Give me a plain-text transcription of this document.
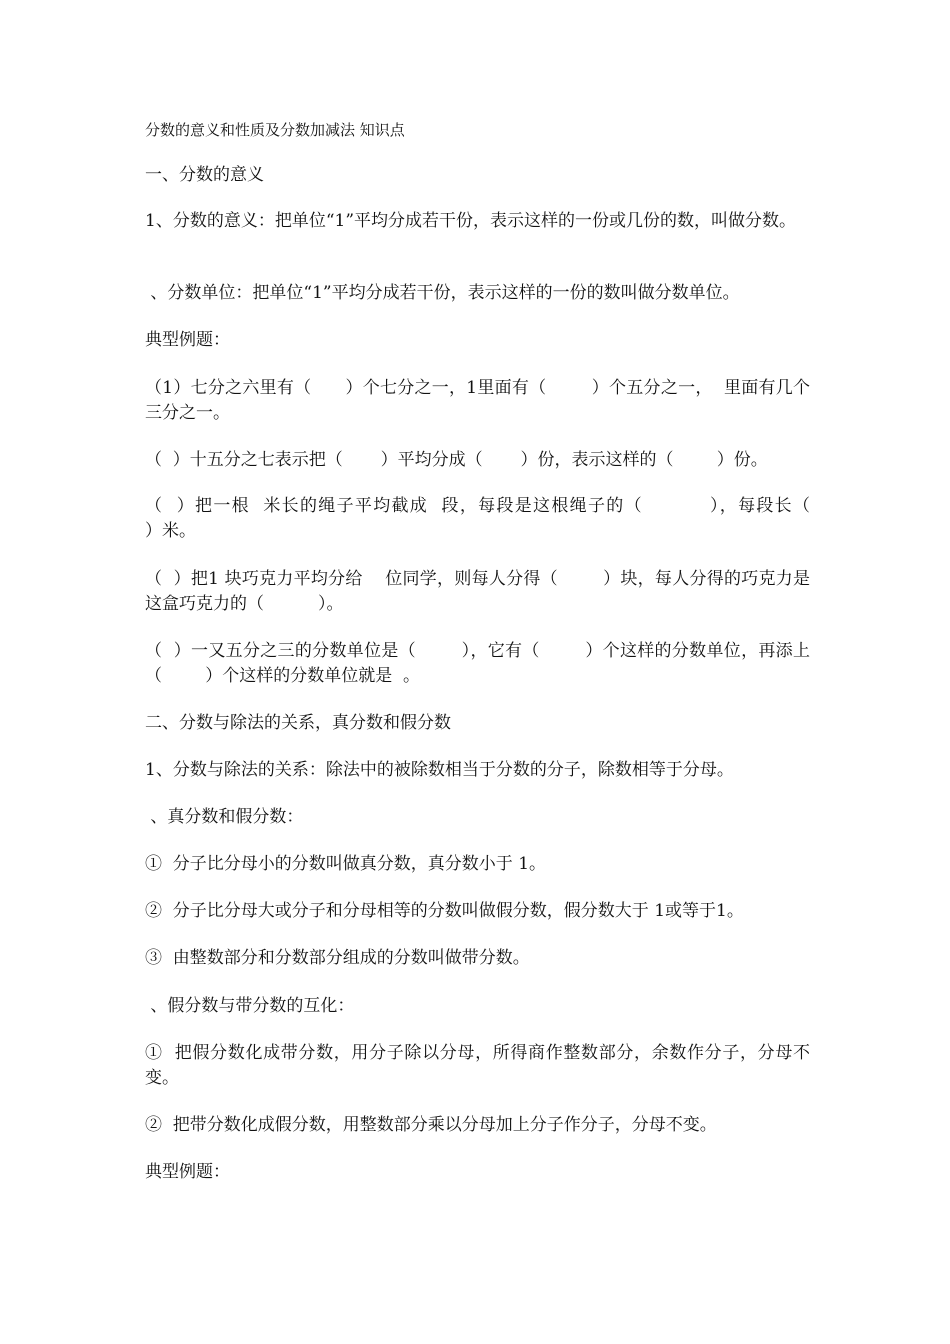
分数的意义和性质及分数加减法 知识点
一、分数的意义
1、分数的意义：把单位“1”平均分成若干份，表示这样的一份或几份的数，叫做分数。
、分数单位：把单位“1”平均分成若干份，表示这样的一份的数叫做分数单位。
典型例题：
（1）七分之六里有（      ）个七分之一，1里面有（        ）个五分之一，  里面有几个三分之一。
（  ）十五分之七表示把（       ）平均分成（       ）份，表示这样的（        ）份。
（  ）把一根  米长的绳子平均截成  段，每段是这根绳子的（          ），每段长（          ）米。
（  ）把1 块巧克力平均分给    位同学，则每人分得（        ）块，每人分得的巧克力是这盒巧克力的（          ）。
（  ）一又五分之三的分数单位是（        ），它有（        ）个这样的分数单位，再添上（        ）个这样的分数单位就是  。
二、分数与除法的关系，真分数和假分数
1、分数与除法的关系：除法中的被除数相当于分数的分子，除数相等于分母。
、真分数和假分数：
①  分子比分母小的分数叫做真分数，真分数小于 1。
②  分子比分母大或分子和分母相等的分数叫做假分数，假分数大于 1或等于1。
③  由整数部分和分数部分组成的分数叫做带分数。
、假分数与带分数的互化：
①  把假分数化成带分数，用分子除以分母，所得商作整数部分，余数作分子，分母不变。
②  把带分数化成假分数，用整数部分乘以分母加上分子作分子，分母不变。
典型例题：
